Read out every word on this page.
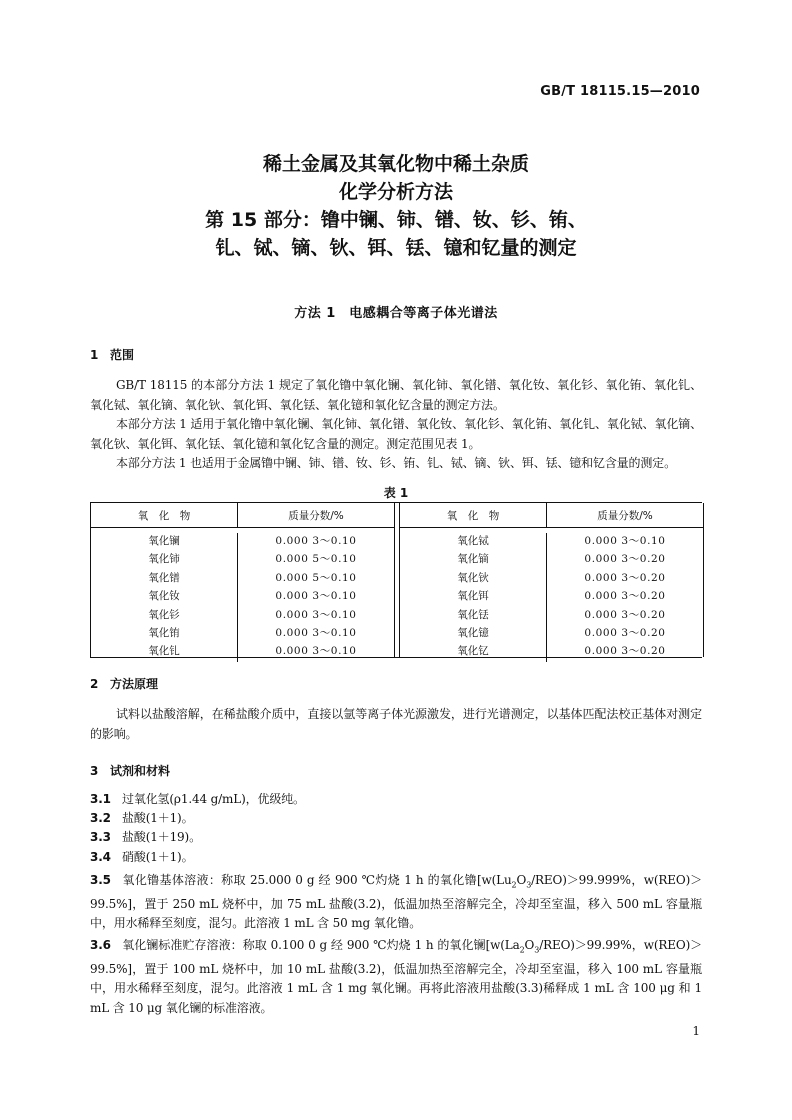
GB/T 18115.15—2010
稀土金属及其氧化物中稀土杂质
化学分析方法
第 15 部分：镥中镧、铈、镨、钕、钐、铕、
钆、铽、镝、钬、铒、铥、镱和钇量的测定
方法 1　电感耦合等离子体光谱法
1 范围
GB/T 18115 的本部分方法 1 规定了氧化镥中氧化镧、氧化铈、氧化镨、氧化钕、氧化钐、氧化铕、氧化钆、氧化铽、氧化镝、氧化钬、氧化铒、氧化铥、氧化镱和氧化钇含量的测定方法。
本部分方法 1 适用于氧化镥中氧化镧、氧化铈、氧化镨、氧化钕、氧化钐、氧化铕、氧化钆、氧化铽、氧化镝、氧化钬、氧化铒、氧化铥、氧化镱和氧化钇含量的测定。测定范围见表 1。
本部分方法 1 也适用于金属镥中镧、铈、镨、钕、钐、铕、钆、铽、镝、钬、铒、铥、镱和钇含量的测定。
表 1
氧　化　物	质量分数/%
氧化镧	0.000 3～0.10
氧化铈	0.000 5～0.10
氧化镨	0.000 5～0.10
氧化钕	0.000 3～0.10
氧化钐	0.000 3～0.10
氧化铕	0.000 3～0.10
氧化钆	0.000 3～0.10
氧　化　物	质量分数/%
氧化铽	0.000 3～0.10
氧化镝	0.000 3～0.20
氧化钬	0.000 3～0.20
氧化铒	0.000 3～0.20
氧化铥	0.000 3～0.20
氧化镱	0.000 3～0.20
氧化钇	0.000 3～0.20
2 方法原理
试料以盐酸溶解，在稀盐酸介质中，直接以氩等离子体光源激发，进行光谱测定，以基体匹配法校正基体对测定的影响。
3 试剂和材料
3.1 过氧化氢(ρ1.44 g/mL)，优级纯。
3.2 盐酸(1＋1)。
3.3 盐酸(1＋19)。
3.4 硝酸(1＋1)。
3.5 氧化镥基体溶液：称取 25.000 0 g 经 900 ℃灼烧 1 h 的氧化镥[$w(Lu_2O_3/REO)>99.999\%$，w(REO)＞99.5%]，置于 250 mL 烧杯中，加 75 mL 盐酸(3.2)，低温加热至溶解完全，冷却至室温，移入 500 mL 容量瓶中，用水稀释至刻度，混匀。此溶液 1 mL 含 50 mg 氧化镥。
3.6 氧化镧标准贮存溶液：称取 0.100 0 g 经 900 ℃灼烧 1 h 的氧化镧[$w(La_2O_3/REO)>99.99\%$，w(REO)＞99.5%]，置于 100 mL 烧杯中，加 10 mL 盐酸(3.2)，低温加热至溶解完全，冷却至室温，移入 100 mL 容量瓶中，用水稀释至刻度，混匀。此溶液 1 mL 含 1 mg 氧化镧。再将此溶液用盐酸(3.3)稀释成 1 mL 含 100 μg 和 1 mL 含 10 μg 氧化镧的标准溶液。
1
